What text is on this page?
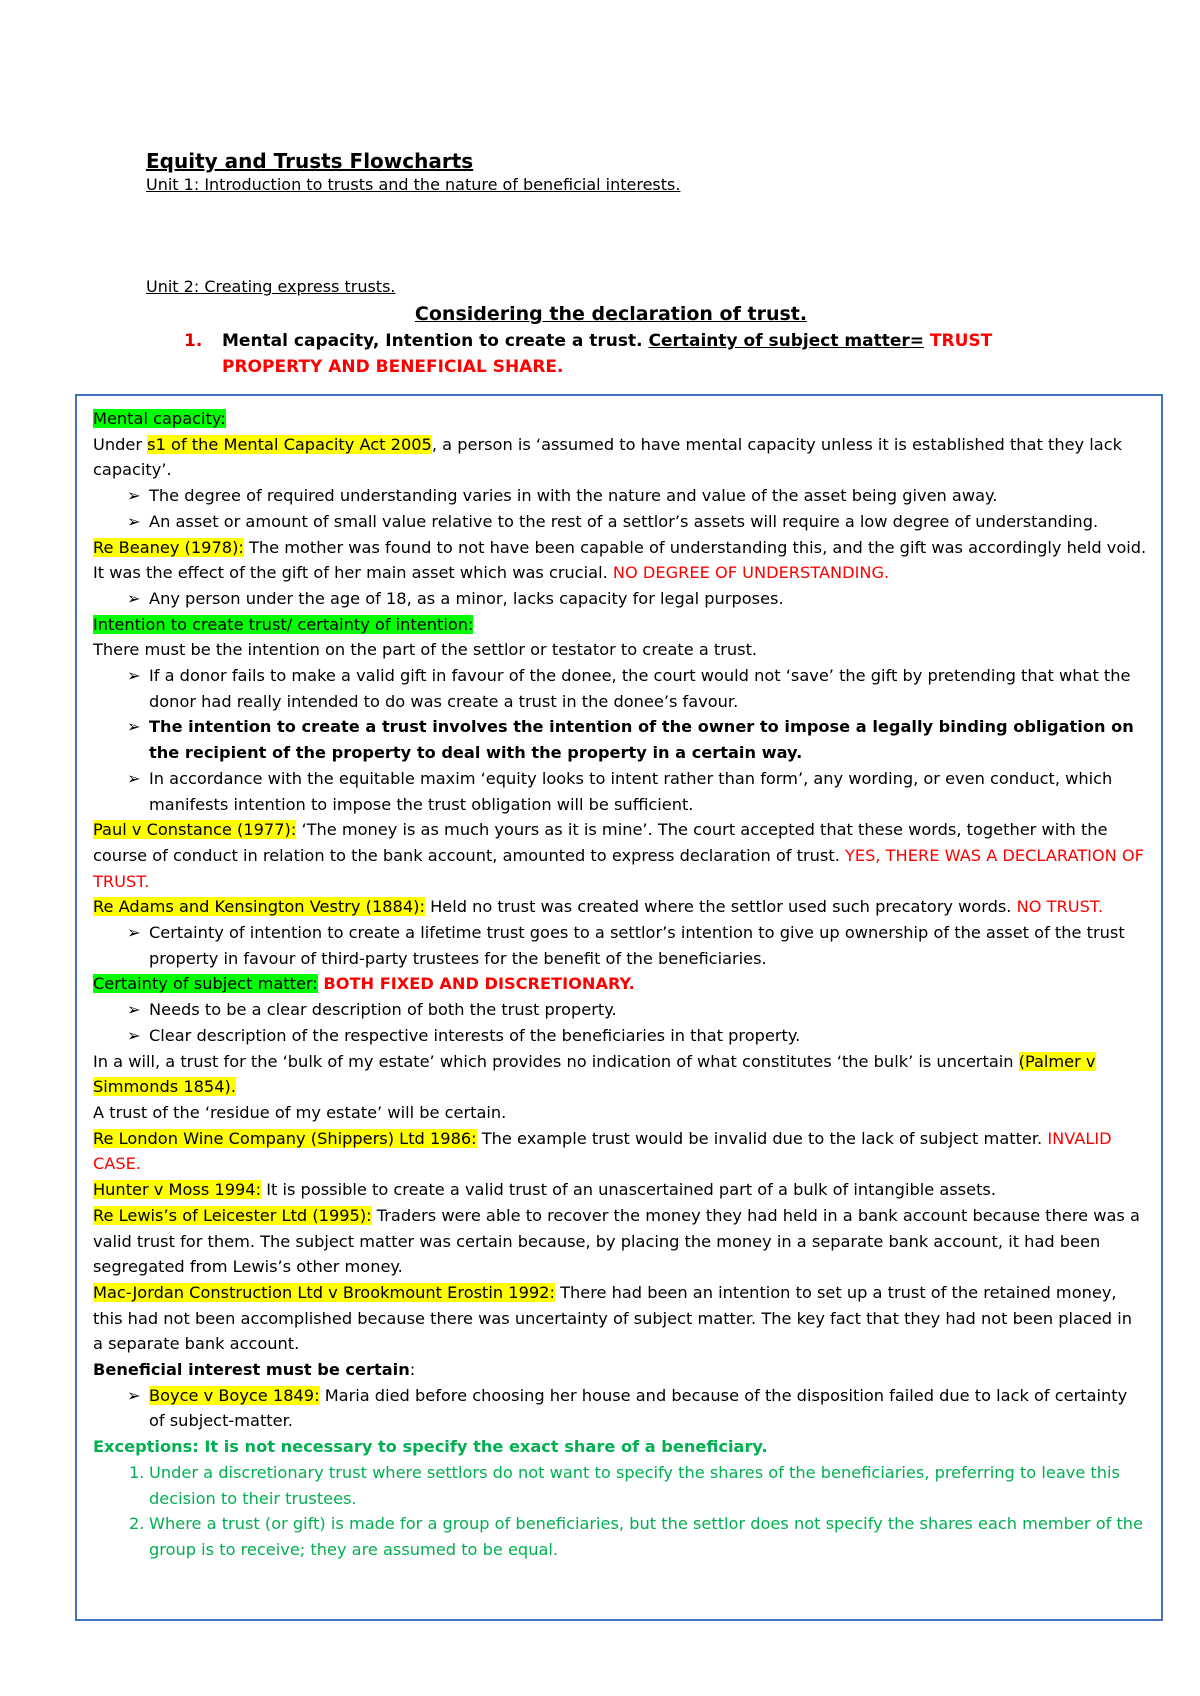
Equity and Trusts Flowcharts

Unit 1: Introduction to trusts and the nature of beneficial interests.

Unit 2: Creating express trusts.

Considering the declaration of trust.

1.	Mental capacity, Intention to create a trust. Certainty of subject matter= TRUST PROPERTY AND BENEFICIAL SHARE.

Mental capacity:

Under s1 of the Mental Capacity Act 2005, a person is ‘assumed to have mental capacity unless it is established that they lack capacity’.

➢ The degree of required understanding varies in with the nature and value of the asset being given away.
➢ An asset or amount of small value relative to the rest of a settlor’s assets will require a low degree of understanding.

Re Beaney (1978): The mother was found to not have been capable of understanding this, and the gift was accordingly held void. It was the effect of the gift of her main asset which was crucial. NO DEGREE OF UNDERSTANDING.

➢ Any person under the age of 18, as a minor, lacks capacity for legal purposes.

Intention to create trust/ certainty of intention:

There must be the intention on the part of the settlor or testator to create a trust.

➢ If a donor fails to make a valid gift in favour of the donee, the court would not ‘save’ the gift by pretending that what the donor had really intended to do was create a trust in the donee’s favour.
➢ The intention to create a trust involves the intention of the owner to impose a legally binding obligation on the recipient of the property to deal with the property in a certain way.
➢ In accordance with the equitable maxim ‘equity looks to intent rather than form’, any wording, or even conduct, which manifests intention to impose the trust obligation will be sufficient.

Paul v Constance (1977): ‘The money is as much yours as it is mine’. The court accepted that these words, together with the course of conduct in relation to the bank account, amounted to express declaration of trust. YES, THERE WAS A DECLARATION OF TRUST.

Re Adams and Kensington Vestry (1884): Held no trust was created where the settlor used such precatory words. NO TRUST.

➢ Certainty of intention to create a lifetime trust goes to a settlor’s intention to give up ownership of the asset of the trust property in favour of third-party trustees for the benefit of the beneficiaries.

Certainty of subject matter: BOTH FIXED AND DISCRETIONARY.

➢ Needs to be a clear description of both the trust property.
➢ Clear description of the respective interests of the beneficiaries in that property.

In a will, a trust for the ‘bulk of my estate’ which provides no indication of what constitutes ‘the bulk’ is uncertain (Palmer v Simmonds 1854).

A trust of the ‘residue of my estate’ will be certain.

Re London Wine Company (Shippers) Ltd 1986: The example trust would be invalid due to the lack of subject matter. INVALID CASE.

Hunter v Moss 1994: It is possible to create a valid trust of an unascertained part of a bulk of intangible assets.

Re Lewis’s of Leicester Ltd (1995): Traders were able to recover the money they had held in a bank account because there was a valid trust for them. The subject matter was certain because, by placing the money in a separate bank account, it had been segregated from Lewis’s other money.

Mac-Jordan Construction Ltd v Brookmount Erostin 1992: There had been an intention to set up a trust of the retained money, this had not been accomplished because there was uncertainty of subject matter. The key fact that they had not been placed in a separate bank account.

Beneficial interest must be certain:

➢ Boyce v Boyce 1849: Maria died before choosing her house and because of the disposition failed due to lack of certainty of subject-matter.

Exceptions: It is not necessary to specify the exact share of a beneficiary.

1. Under a discretionary trust where settlors do not want to specify the shares of the beneficiaries, preferring to leave this decision to their trustees.
2. Where a trust (or gift) is made for a group of beneficiaries, but the settlor does not specify the shares each member of the group is to receive; they are assumed to be equal.
